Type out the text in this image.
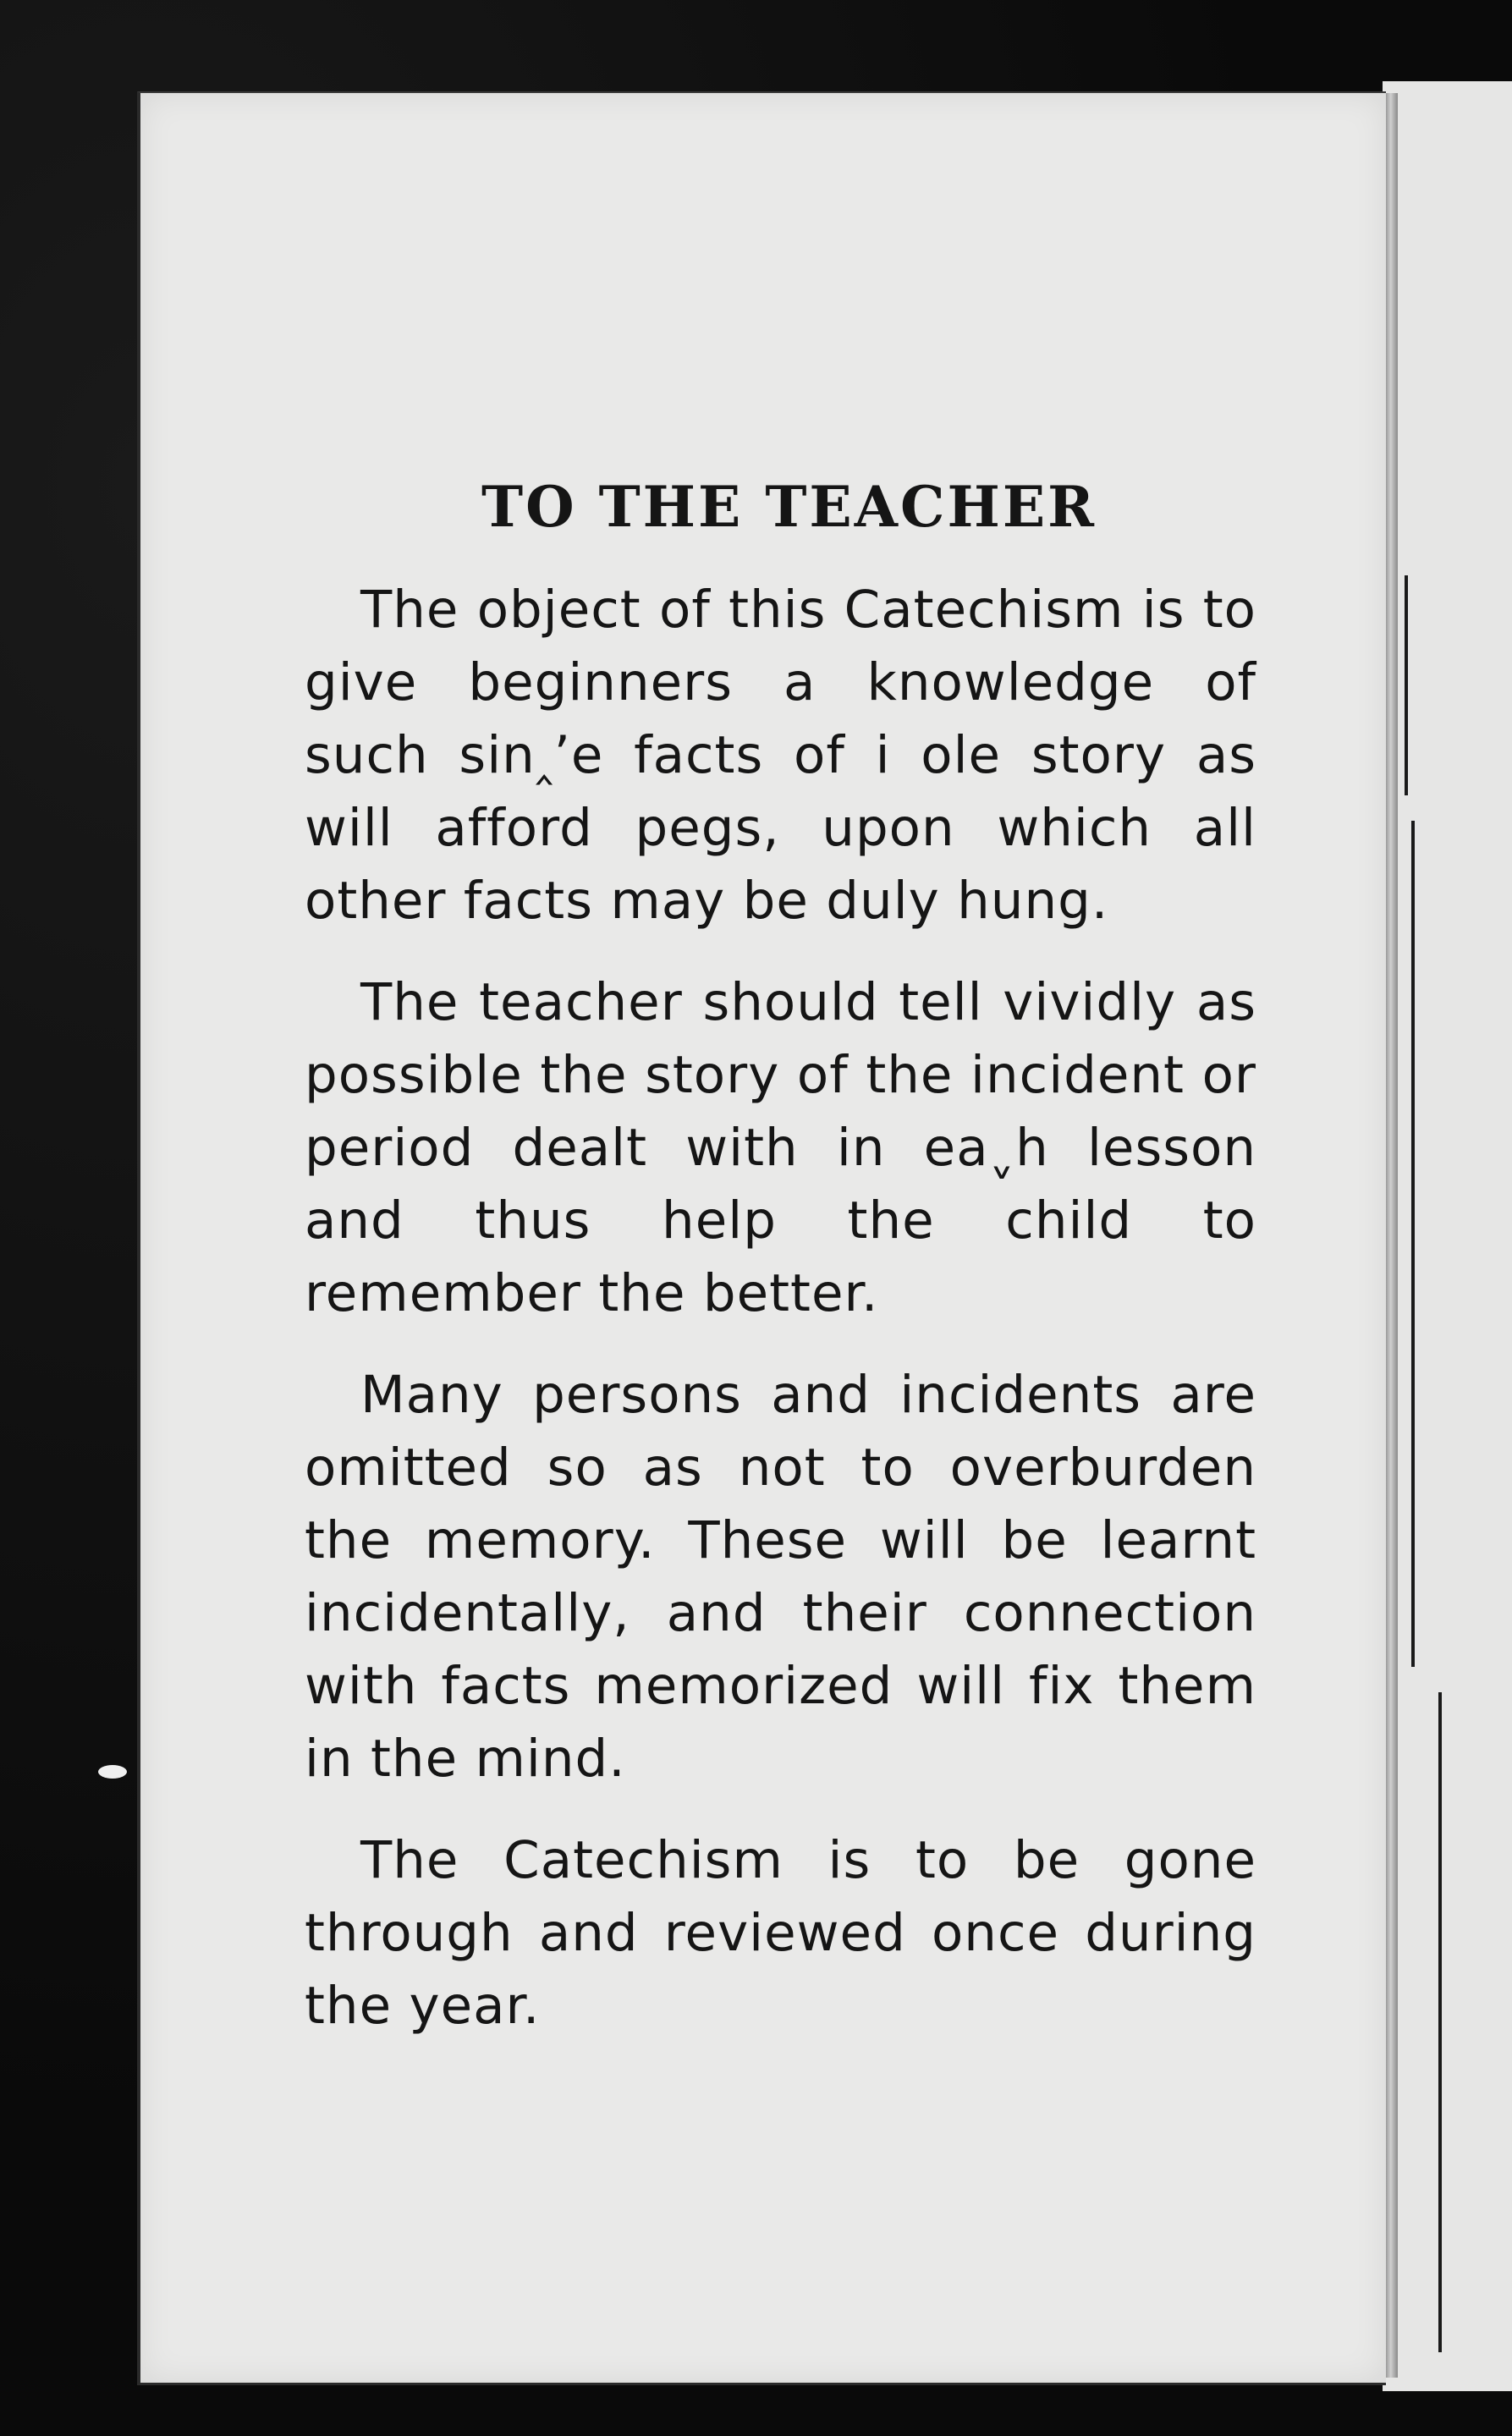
TO THE TEACHER

The object of this Catechism is to give beginners a knowledge of such sin‸ʼe facts of i ole story as will afford pegs, upon which all other facts may be duly hung.

The teacher should tell vividly as possible the story of the incident or period dealt with in eaˬh lesson and thus help the child to remember the better.

Many persons and incidents are omitted so as not to overburden the memory. These will be learnt incidentally, and their connection with facts memorized will fix them in the mind.

The Catechism is to be gone through and reviewed once during the year.
